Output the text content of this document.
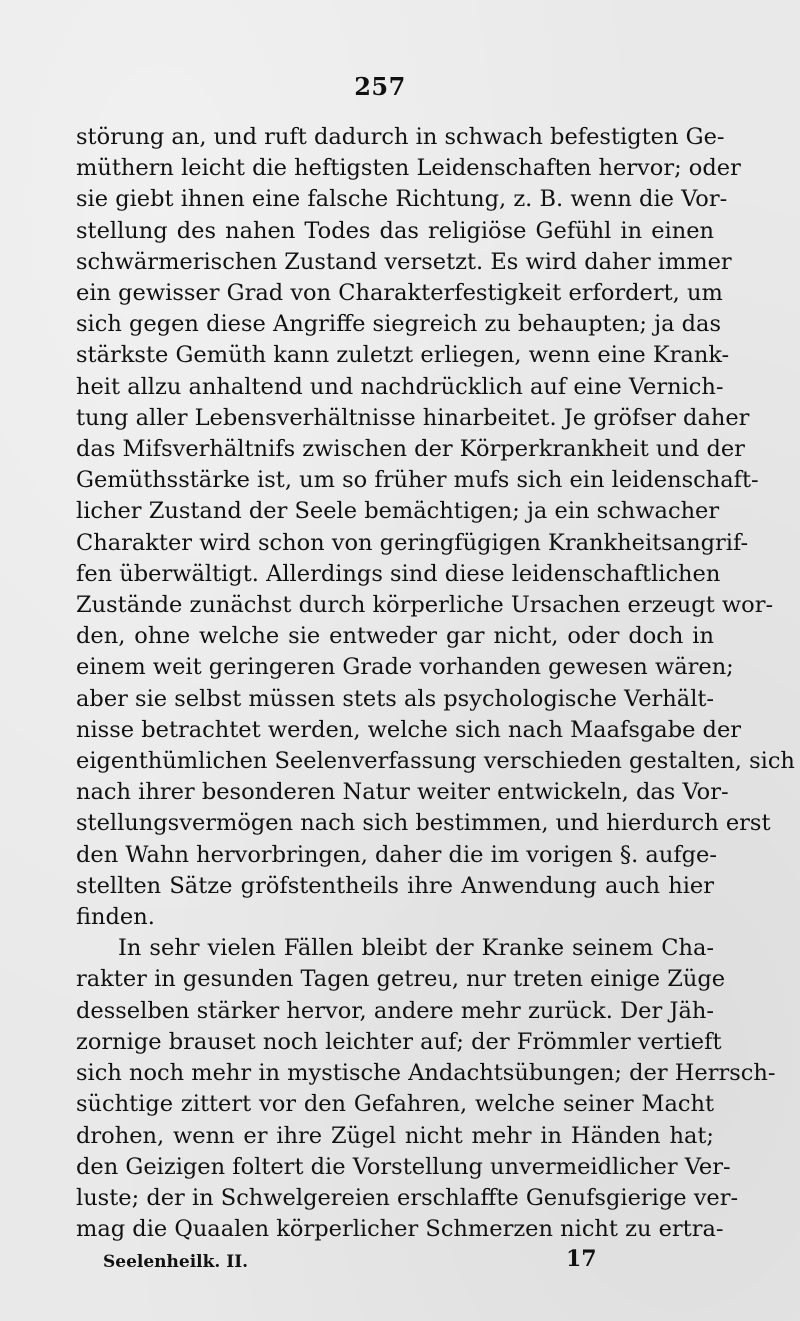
257

störung an, und ruft dadurch in schwach befestigten Ge-
müthern leicht die heftigsten Leidenschaften hervor; oder
sie giebt ihnen eine falsche Richtung, z. B. wenn die Vor-
stellung des nahen Todes das religiöse Gefühl in einen
schwärmerischen Zustand versetzt. Es wird daher immer
ein gewisser Grad von Charakterfestigkeit erfordert, um
sich gegen diese Angriffe siegreich zu behaupten; ja das
stärkste Gemüth kann zuletzt erliegen, wenn eine Krank-
heit allzu anhaltend und nachdrücklich auf eine Vernich-
tung aller Lebensverhältnisse hinarbeitet. Je gröfser daher
das Mifsverhältnifs zwischen der Körperkrankheit und der
Gemüthsstärke ist, um so früher mufs sich ein leidenschaft-
licher Zustand der Seele bemächtigen; ja ein schwacher
Charakter wird schon von geringfügigen Krankheitsangrif-
fen überwältigt. Allerdings sind diese leidenschaftlichen
Zustände zunächst durch körperliche Ursachen erzeugt wor-
den, ohne welche sie entweder gar nicht, oder doch in
einem weit geringeren Grade vorhanden gewesen wären;
aber sie selbst müssen stets als psychologische Verhält-
nisse betrachtet werden, welche sich nach Maafsgabe der
eigenthümlichen Seelenverfassung verschieden gestalten, sich
nach ihrer besonderen Natur weiter entwickeln, das Vor-
stellungsvermögen nach sich bestimmen, und hierdurch erst
den Wahn hervorbringen, daher die im vorigen §. aufge-
stellten Sätze gröfstentheils ihre Anwendung auch hier
finden.

In sehr vielen Fällen bleibt der Kranke seinem Cha-
rakter in gesunden Tagen getreu, nur treten einige Züge
desselben stärker hervor, andere mehr zurück. Der Jäh-
zornige brauset noch leichter auf; der Frömmler vertieft
sich noch mehr in mystische Andachtsübungen; der Herrsch-
süchtige zittert vor den Gefahren, welche seiner Macht
drohen, wenn er ihre Zügel nicht mehr in Händen hat;
den Geizigen foltert die Vorstellung unvermeidlicher Ver-
luste; der in Schwelgereien erschlaffte Genufsgierige ver-
mag die Quaalen körperlicher Schmerzen nicht zu ertra-

Seelenheilk. II.	17
